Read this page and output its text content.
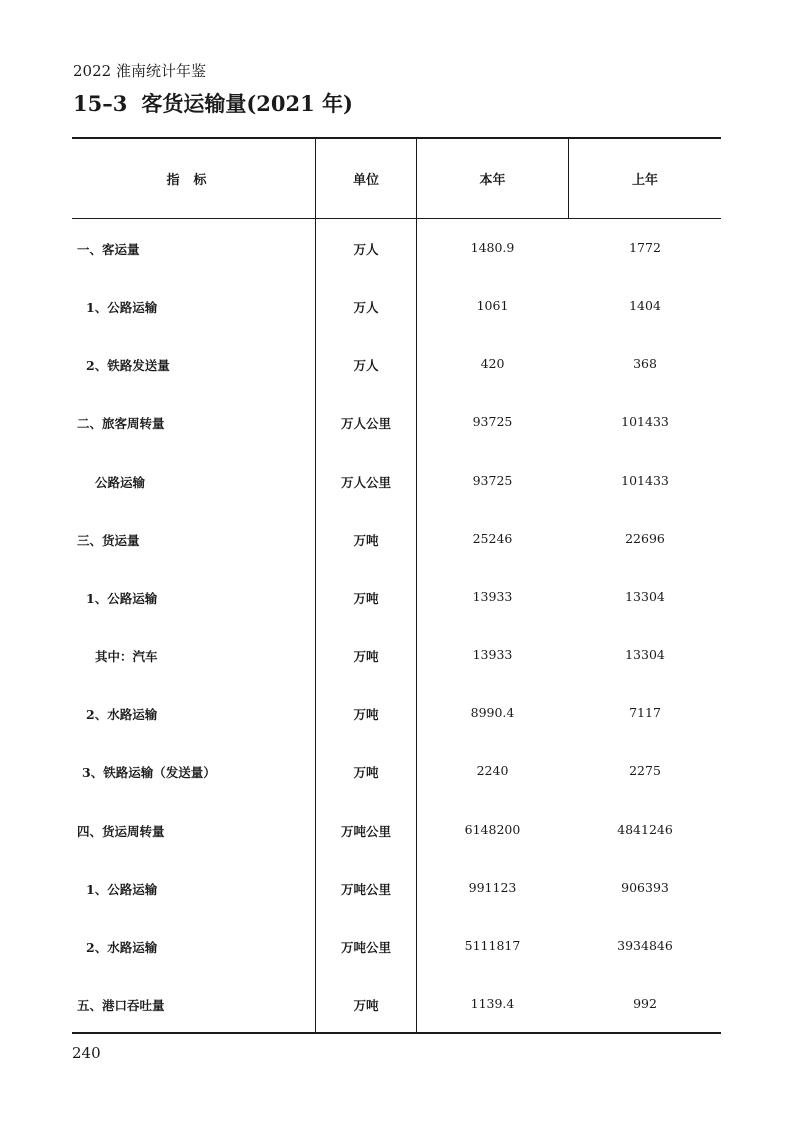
2022 淮南统计年鉴
15–3 客货运输量(2021 年)
指标	单位	本年	上年
一、客运量	万人	1480.9	1772
1、公路运输	万人	1061	1404
2、铁路发送量	万人	420	368
二、旅客周转量	万人公里	93725	101433
公路运输	万人公里	93725	101433
三、货运量	万吨	25246	22696
1、公路运输	万吨	13933	13304
其中：汽车	万吨	13933	13304
2、水路运输	万吨	8990.4	7117
3、铁路运输（发送量）	万吨	2240	2275
四、货运周转量	万吨公里	6148200	4841246
1、公路运输	万吨公里	991123	906393
2、水路运输	万吨公里	5111817	3934846
五、港口吞吐量	万吨	1139.4	992
240
